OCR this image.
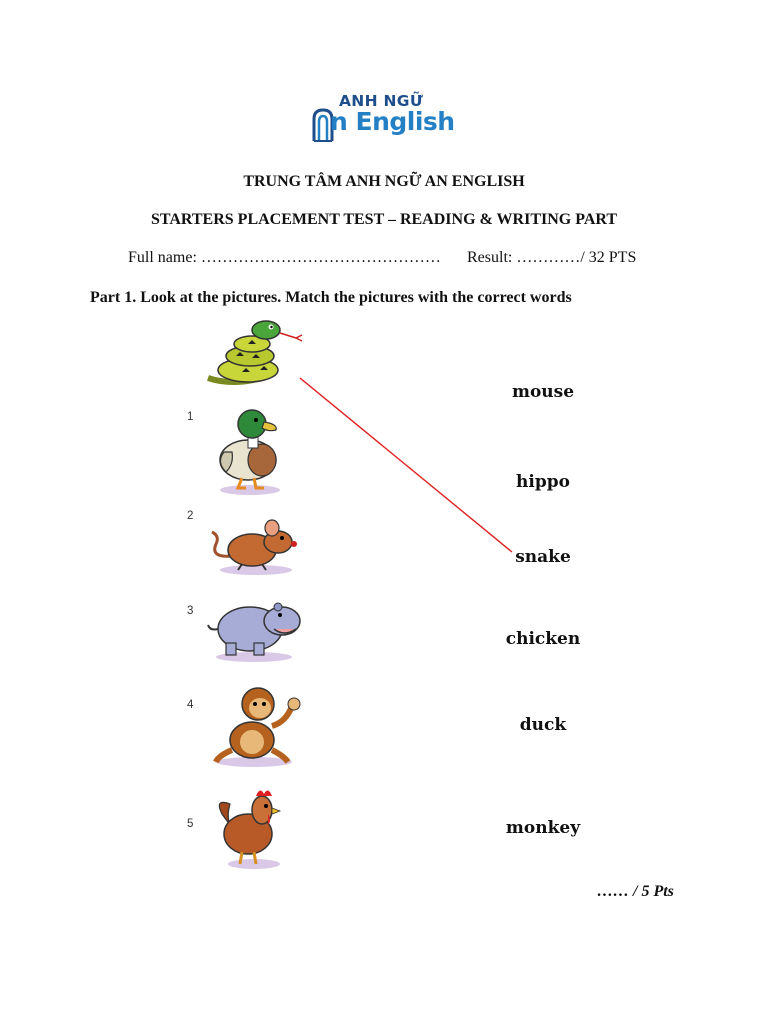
ANH NGỮ
n English
TRUNG TÂM ANH NGỮ AN ENGLISH
STARTERS PLACEMENT TEST – READING & WRITING PART
Full name: ……………………………………… Result: …………/ 32 PTS
Part 1. Look at the pictures. Match the pictures with the correct words
1
2
3
4
5
mouse
hippo
snake
chicken
duck
monkey
…… / 5 Pts
